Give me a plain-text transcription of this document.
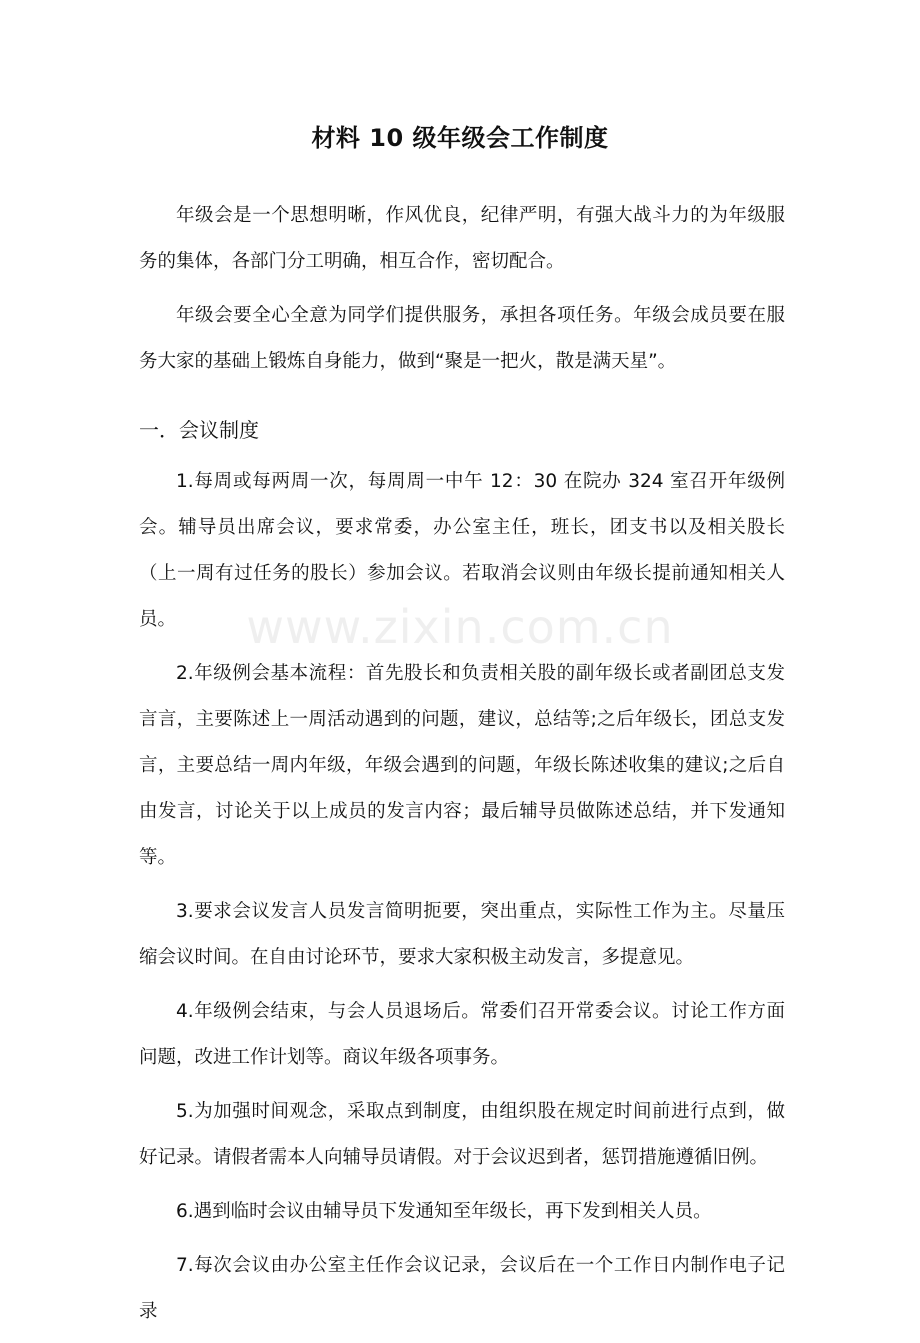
www.zixin.com.cn
材料 10 级年级会工作制度

年级会是一个思想明晰，作风优良，纪律严明，有强大战斗力的为年级服务的集体，各部门分工明确，相互合作，密切配合。

年级会要全心全意为同学们提供服务，承担各项任务。年级会成员要在服务大家的基础上锻炼自身能力，做到“聚是一把火，散是满天星”。

一．会议制度

1.每周或每两周一次，每周周一中午 12：30 在院办 324 室召开年级例会。辅导员出席会议，要求常委，办公室主任，班长，团支书以及相关股长（上一周有过任务的股长）参加会议。若取消会议则由年级长提前通知相关人员。

2.年级例会基本流程：首先股长和负责相关股的副年级长或者副团总支发言言，主要陈述上一周活动遇到的问题，建议，总结等;之后年级长，团总支发言，主要总结一周内年级，年级会遇到的问题，年级长陈述收集的建议;之后自由发言，讨论关于以上成员的发言内容；最后辅导员做陈述总结，并下发通知等。

3.要求会议发言人员发言简明扼要，突出重点，实际性工作为主。尽量压缩会议时间。在自由讨论环节，要求大家积极主动发言，多提意见。

4.年级例会结束，与会人员退场后。常委们召开常委会议。讨论工作方面问题，改进工作计划等。商议年级各项事务。

5.为加强时间观念，采取点到制度，由组织股在规定时间前进行点到，做好记录。请假者需本人向辅导员请假。对于会议迟到者，惩罚措施遵循旧例。

6.遇到临时会议由辅导员下发通知至年级长，再下发到相关人员。

7.每次会议由办公室主任作会议记录，会议后在一个工作日内制作电子记录
